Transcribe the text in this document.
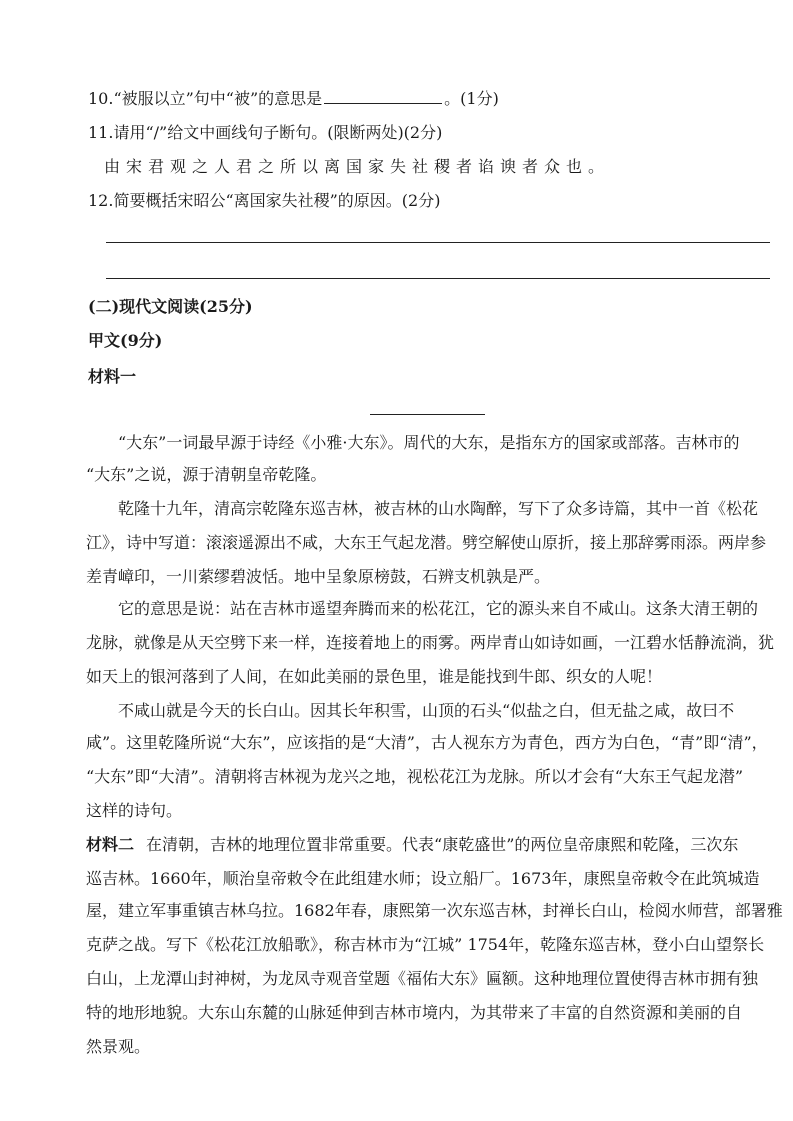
10.“被服以立”句中“被”的意思是	。(1分)
11.请用“/”给文中画线句子断句。(限断两处)(2分)
由宋君观之人君之所以离国家失社稷者谄谀者众也。
12.简要概括宋昭公“离国家失社稷”的原因。(2分)
(二)现代文阅读(25分)
甲文(9分)
材料一
“大东”一词最早源于诗经《小雅·大东》。周代的大东，是指东方的国家或部落。吉林市的
“大东”之说，源于清朝皇帝乾隆。
乾隆十九年，清高宗乾隆东巡吉林，被吉林的山水陶醉，写下了众多诗篇，其中一首《松花
江》，诗中写道：滚滚遥源出不咸，大东王气起龙潜。劈空解使山原折，接上那辞雾雨添。两岸参
差青嶂印，一川萦缪碧波恬。地中呈象原榜鼓，石辨支机孰是严。
它的意思是说：站在吉林市遥望奔腾而来的松花江，它的源头来自不咸山。这条大清王朝的
龙脉，就像是从天空劈下来一样，连接着地上的雨雾。两岸青山如诗如画，一江碧水恬静流淌，犹
如天上的银河落到了人间，在如此美丽的景色里，谁是能找到牛郎、织女的人呢！
不咸山就是今天的长白山。因其长年积雪，山顶的石头“似盐之白，但无盐之咸，故曰不
咸”。这里乾隆所说“大东”，应该指的是“大清”，古人视东方为青色，西方为白色，“青”即“清”，
“大东”即“大清”。清朝将吉林视为龙兴之地，视松花江为龙脉。所以才会有“大东王气起龙潜”
这样的诗句。
材料二 在清朝，吉林的地理位置非常重要。代表“康乾盛世”的两位皇帝康熙和乾隆，三次东
巡吉林。1660年，顺治皇帝敕令在此组建水师；设立船厂。1673年，康熙皇帝敕令在此筑城造
屋，建立军事重镇吉林乌拉。1682年春，康熙第一次东巡吉林，封禅长白山，检阅水师营，部署雅
克萨之战。写下《松花江放船歌》，称吉林市为“江城” 1754年，乾隆东巡吉林，登小白山望祭长
白山，上龙潭山封神树，为龙凤寺观音堂题《福佑大东》匾额。这种地理位置使得吉林市拥有独
特的地形地貌。大东山东麓的山脉延伸到吉林市境内，为其带来了丰富的自然资源和美丽的自
然景观。
